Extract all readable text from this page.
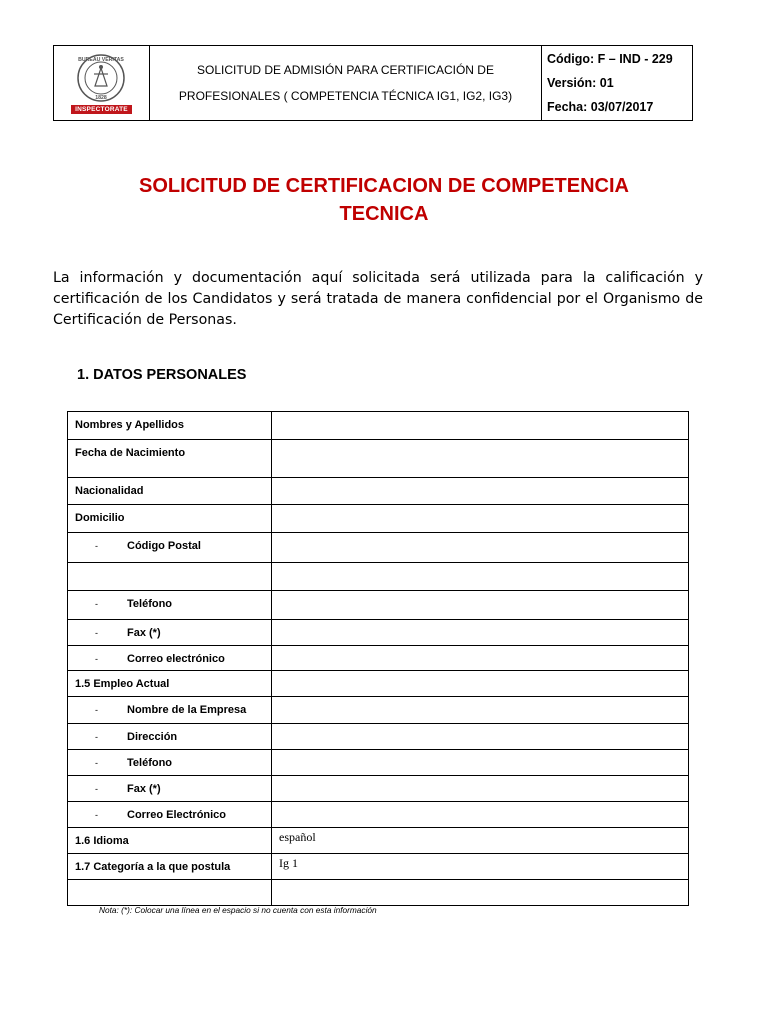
BUREAU VERITAS
1828
INSPECTORATE
SOLICITUD DE ADMISIÓN PARA CERTIFICACIÓN DE
PROFESIONALES ( COMPETENCIA TÉCNICA IG1, IG2, IG3)
Código: F – IND - 229
Versión: 01
Fecha: 03/07/2017
SOLICITUD DE CERTIFICACION DE COMPETENCIA
TECNICA
La información y documentación aquí solicitada será utilizada para la calificación y certificación de los Candidatos y será tratada de manera confidencial por el Organismo de Certificación de Personas.
1. DATOS PERSONALES
Nombres y Apellidos	
Fecha de Nacimiento	
Nacionalidad	
Domicilio	
- Código Postal	

- Teléfono	
- Fax (*)	
- Correo electrónico	
1.5 Empleo Actual	
- Nombre de la Empresa	
- Dirección	
- Teléfono	
- Fax (*)	
- Correo Electrónico	
1.6 Idioma	español
1.7 Categoría a la que postula	Ig 1

Nota: (*): Colocar una línea en el espacio si no cuenta con esta información
